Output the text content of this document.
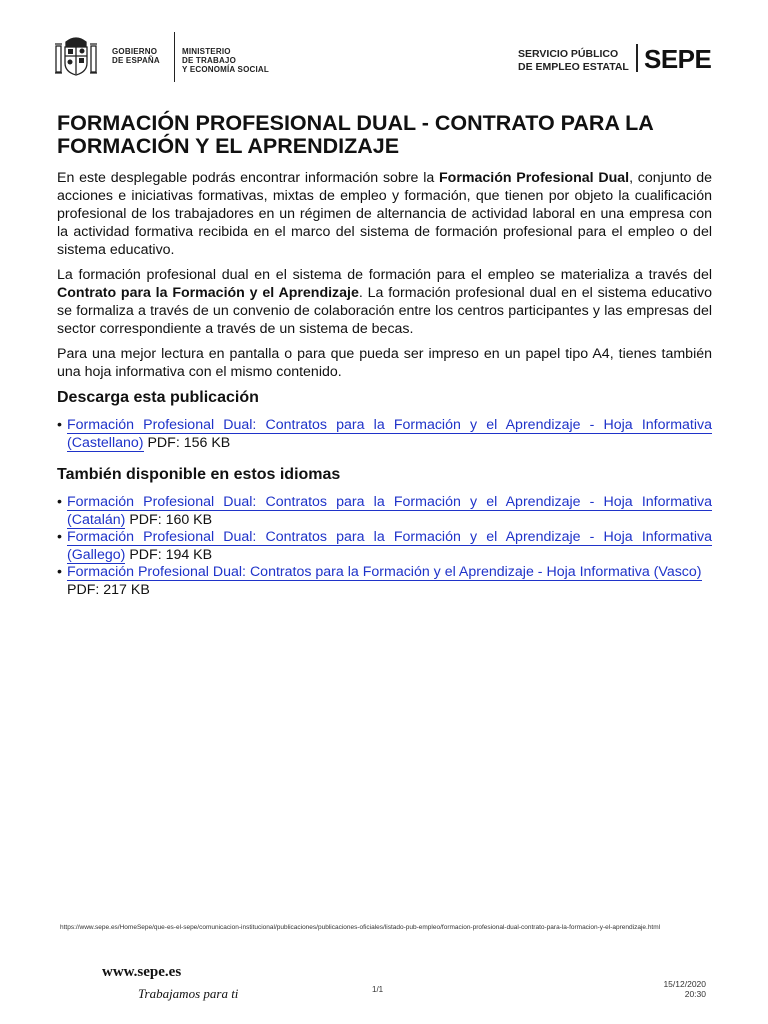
GOBIERNO
DE ESPAÑA
MINISTERIO
DE TRABAJO
Y ECONOMÍA SOCIAL
SERVICIO PÚBLICO
DE EMPLEO ESTATAL SEPE
FORMACIÓN PROFESIONAL DUAL - CONTRATO PARA LA FORMACIÓN Y EL APRENDIZAJE

En este desplegable podrás encontrar información sobre la Formación Profesional Dual, conjunto de acciones e iniciativas formativas, mixtas de empleo y formación, que tienen por objeto la cualificación profesional de los trabajadores en un régimen de alternancia de actividad laboral en una empresa con la actividad formativa recibida en el marco del sistema de formación profesional para el empleo o del sistema educativo.

La formación profesional dual en el sistema de formación para el empleo se materializa a través del Contrato para la Formación y el Aprendizaje. La formación profesional dual en el sistema educativo se formaliza a través de un convenio de colaboración entre los centros participantes y las empresas del sector correspondiente a través de un sistema de becas.

Para una mejor lectura en pantalla o para que pueda ser impreso en un papel tipo A4, tienes también una hoja informativa con el mismo contenido.

Descarga esta publicación
• Formación Profesional Dual: Contratos para la Formación y el Aprendizaje - Hoja Informativa (Castellano) PDF: 156 KB
También disponible en estos idiomas
• Formación Profesional Dual: Contratos para la Formación y el Aprendizaje - Hoja Informativa (Catalán) PDF: 160 KB
• Formación Profesional Dual: Contratos para la Formación y el Aprendizaje - Hoja Informativa (Gallego) PDF: 194 KB
• Formación Profesional Dual: Contratos para la Formación y el Aprendizaje - Hoja Informativa (Vasco)
PDF: 217 KB
https://www.sepe.es/HomeSepe/que-es-el-sepe/comunicacion-institucional/publicaciones/publicaciones-oficiales/listado-pub-empleo/formacion-profesional-dual-contrato-para-la-formacion-y-el-aprendizaje.html
www.sepe.es
Trabajamos para ti	1/1
15/12/2020
20:30
